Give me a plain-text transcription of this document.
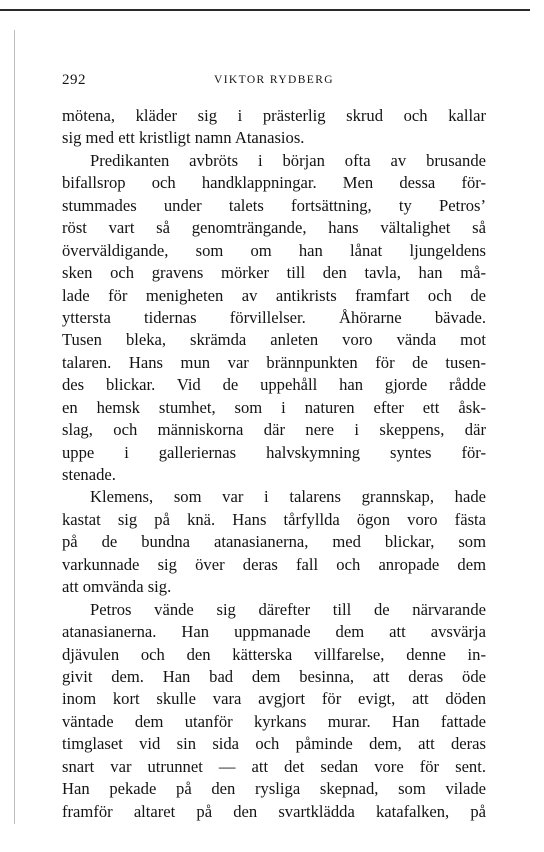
292	VIKTOR RYDBERG
mötena, kläder sig i prästerlig skrud och kallar
sig med ett kristligt namn Atanasios.
Predikanten avbröts i början ofta av brusande
bifallsrop och handklappningar. Men dessa för-
stummades under talets fortsättning, ty Petros’
röst vart så genomträngande, hans vältalighet så
överväldigande, som om han lånat ljungeldens
sken och gravens mörker till den tavla, han må-
lade för menigheten av antikrists framfart och de
yttersta tidernas förvillelser. Åhörarne bävade.
Tusen bleka, skrämda anleten voro vända mot
talaren. Hans mun var brännpunkten för de tusen-
des blickar. Vid de uppehåll han gjorde rådde
en hemsk stumhet, som i naturen efter ett åsk-
slag, och människorna där nere i skeppens, där
uppe i galleriernas halvskymning syntes för-
stenade.
Klemens, som var i talarens grannskap, hade
kastat sig på knä. Hans tårfyllda ögon voro fästa
på de bundna atanasianerna, med blickar, som
varkunnade sig över deras fall och anropade dem
att omvända sig.
Petros vände sig därefter till de närvarande
atanasianerna. Han uppmanade dem att avsvärja
djävulen och den kätterska villfarelse, denne in-
givit dem. Han bad dem besinna, att deras öde
inom kort skulle vara avgjort för evigt, att döden
väntade dem utanför kyrkans murar. Han fattade
timglaset vid sin sida och påminde dem, att deras
snart var utrunnet — att det sedan vore för sent.
Han pekade på den rysliga skepnad, som vilade
framför altaret på den svartklädda katafalken, på
